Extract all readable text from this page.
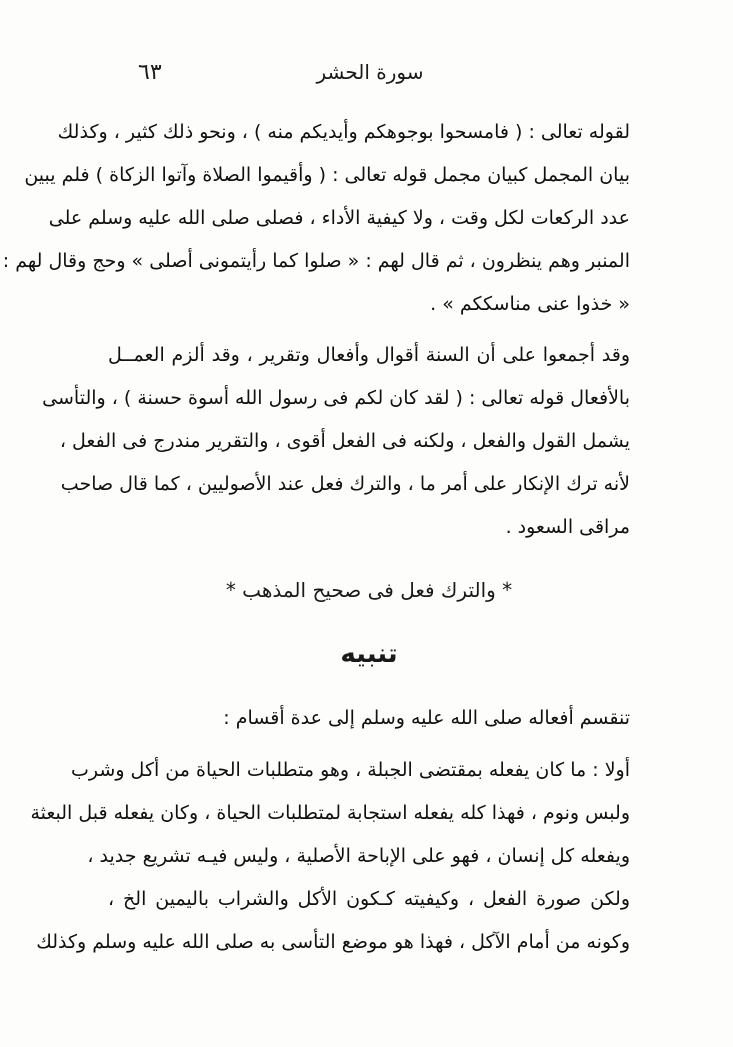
٦٣	سورة الحشر
لقوله تعالى : ( فامسحوا بوجوهكم وأيديكم منه ) ، ونحو ذلك كثير ، وكذلك
بيان المجمل كبيان مجمل قوله تعالى : ( وأقيموا الصلاة وآتوا الزكاة ) فلم يبين
عدد الركعات لكل وقت ، ولا كيفية الأداء ، فصلى صلى الله عليه وسلم على
المنبر وهم ينظرون ، ثم قال لهم : « صلوا كما رأيتمونى أصلى » وحج وقال لهم :
« خذوا عنى مناسككم » .
وقد أجمعوا على أن السنة أقوال وأفعال وتقرير ، وقد ألزم العمــل
بالأفعال قوله تعالى : ( لقد كان لكم فى رسول الله أسوة حسنة ) ، والتأسى
يشمل القول والفعل ، ولكنه فى الفعل أقوى ، والتقرير مندرج فى الفعل ،
لأنه ترك الإنكار على أمر ما ، والترك فعل عند الأصوليين ، كما قال صاحب
مراقى السعود .
* والترك فعل فى صحيح المذهب *
تنبيه
تنقسم أفعاله صلى الله عليه وسلم إلى عدة أقسام :
أولا : ما كان يفعله بمقتضى الجبلة ، وهو متطلبات الحياة من أكل وشرب
ولبس ونوم ، فهذا كله يفعله استجابة لمتطلبات الحياة ، وكان يفعله قبل البعثة
ويفعله كل إنسان ، فهو على الإباحة الأصلية ، وليس فيـه تشريع جديد ،
ولكن صورة الفعل ، وكيفيته كـكون الأكل والشراب باليمين الخ ،
وكونه من أمام الآكل ، فهذا هو موضع التأسى به صلى الله عليه وسلم وكذلك
